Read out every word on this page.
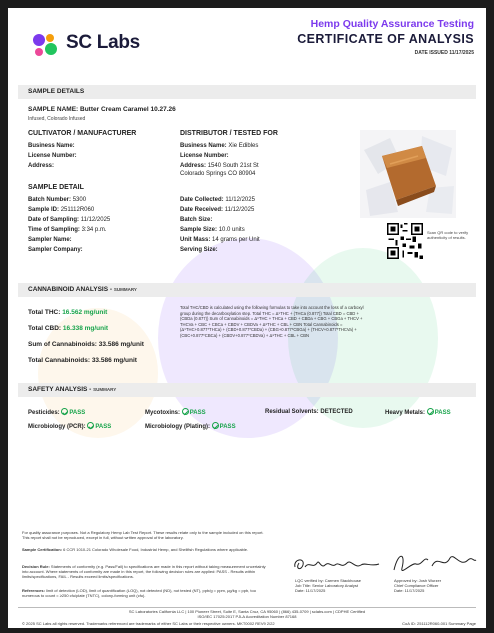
SC Labs
Hemp Quality Assurance Testing
CERTIFICATE OF ANALYSIS
DATE ISSUED 11/17/2025
SAMPLE DETAILS
SAMPLE NAME: Butter Cream Caramel 10.27.26
Infused, Colorado Infused
CULTIVATOR / MANUFACTURER
Business Name:
License Number:
Address:
DISTRIBUTOR / TESTED FOR
Business Name: Xie Edibles
License Number:
Address: 1540 South 21st St
Colorado Springs CO 80904
SAMPLE DETAIL
Batch Number: 5300
Sample ID: 251112R060
Date of Sampling: 11/12/2025
Time of Sampling: 3:34 p.m.
Sampler Name:
Sampler Company:
Date Collected: 11/12/2025
Date Received: 11/12/2025
Batch Size:
Sample Size: 10.0 units
Unit Mass: 14 grams per Unit
Serving Size:
Scan QR code to verify authenticity of results.
CANNABINOID ANALYSIS - SUMMARY
Total THC: 16.562 mg/unit
Total CBD: 16.338 mg/unit
Sum of Cannabinoids: 33.586 mg/unit
Total Cannabinoids: 33.586 mg/unit
Total THC/CBD is calculated using the following formulas to take into account the loss of a carboxyl group during the decarboxylation step. Total THC = Δ⁹THC + (THCa (0.877)) Total CBD = CBD + (CBDa (0.877)) Sum of Cannabinoids = Δ⁹THC + THCa + CBD + CBDa + CBG + CBGa + THCV + THCVa + CBC + CBCa + CBDV + CBDVa + Δ⁸THC + CBL + CBN Total Cannabinoids = (Δ⁹THC+0.877*THCa) + (CBD+0.877*CBDa) + (CBG+0.877*CBGa) + (THCV+0.877*THCVa) + (CBC+0.877*CBCa) + (CBDV+0.877*CBDVa) + Δ⁸THC + CBL + CBN
SAFETY ANALYSIS - SUMMARY
Pesticides: PASS	Mycotoxins: PASS	Residual Solvents: DETECTED	Heavy Metals: PASS
Microbiology (PCR): PASS	Microbiology (Plating): PASS
For quality assurance purposes. Not a Regulatory Hemp Lab Test Report. These results relate only to the sample included on this report. This report shall not be reproduced, except in full, without written approval of the laboratory.
Sample Certification: 6 CCR 1010-21 Colorado Wholesale Food, Industrial Hemp, and Shellfish Regulations where applicable.
Decision Rule: Statements of conformity (e.g. Pass/Fail) to specifications are made in this report without taking measurement uncertainty into account. Where statements of conformity are made in this report, the following decision rules are applied: PASS - Results within limits/specifications, FAIL - Results exceed limits/specifications.
References: limit of detection (LOD), limit of quantification (LOQ), not detected (ND), not tested (NT), ppb/g = ppm, μg/kg = ppb, too numerous to count = ≥250 cfu/plate (TNTC), colony-forming unit (cfu).
LQC verified by: Carmen Stackhouse
Job Title: Senior Laboratory Analyst
Date: 11/17/2025
Approved by: Josh Wurzer
Chief Compliance Officer
Date: 11/17/2025
SC Laboratories California LLC | 100 Pioneer Street, Suite E, Santa Cruz, CA 95060 | (866) 435-0709 | sclabs.com | CDPHE Certified
ISO/IEC 17025:2017 PJLA Accreditation Number 87168
© 2025 SC Labs all rights reserved. Trademarks referenced are trademarks of either SC Labs or their respective owners. MKT0002 REV9 2/22	CoA ID: 251112R060-001 Summary Page
